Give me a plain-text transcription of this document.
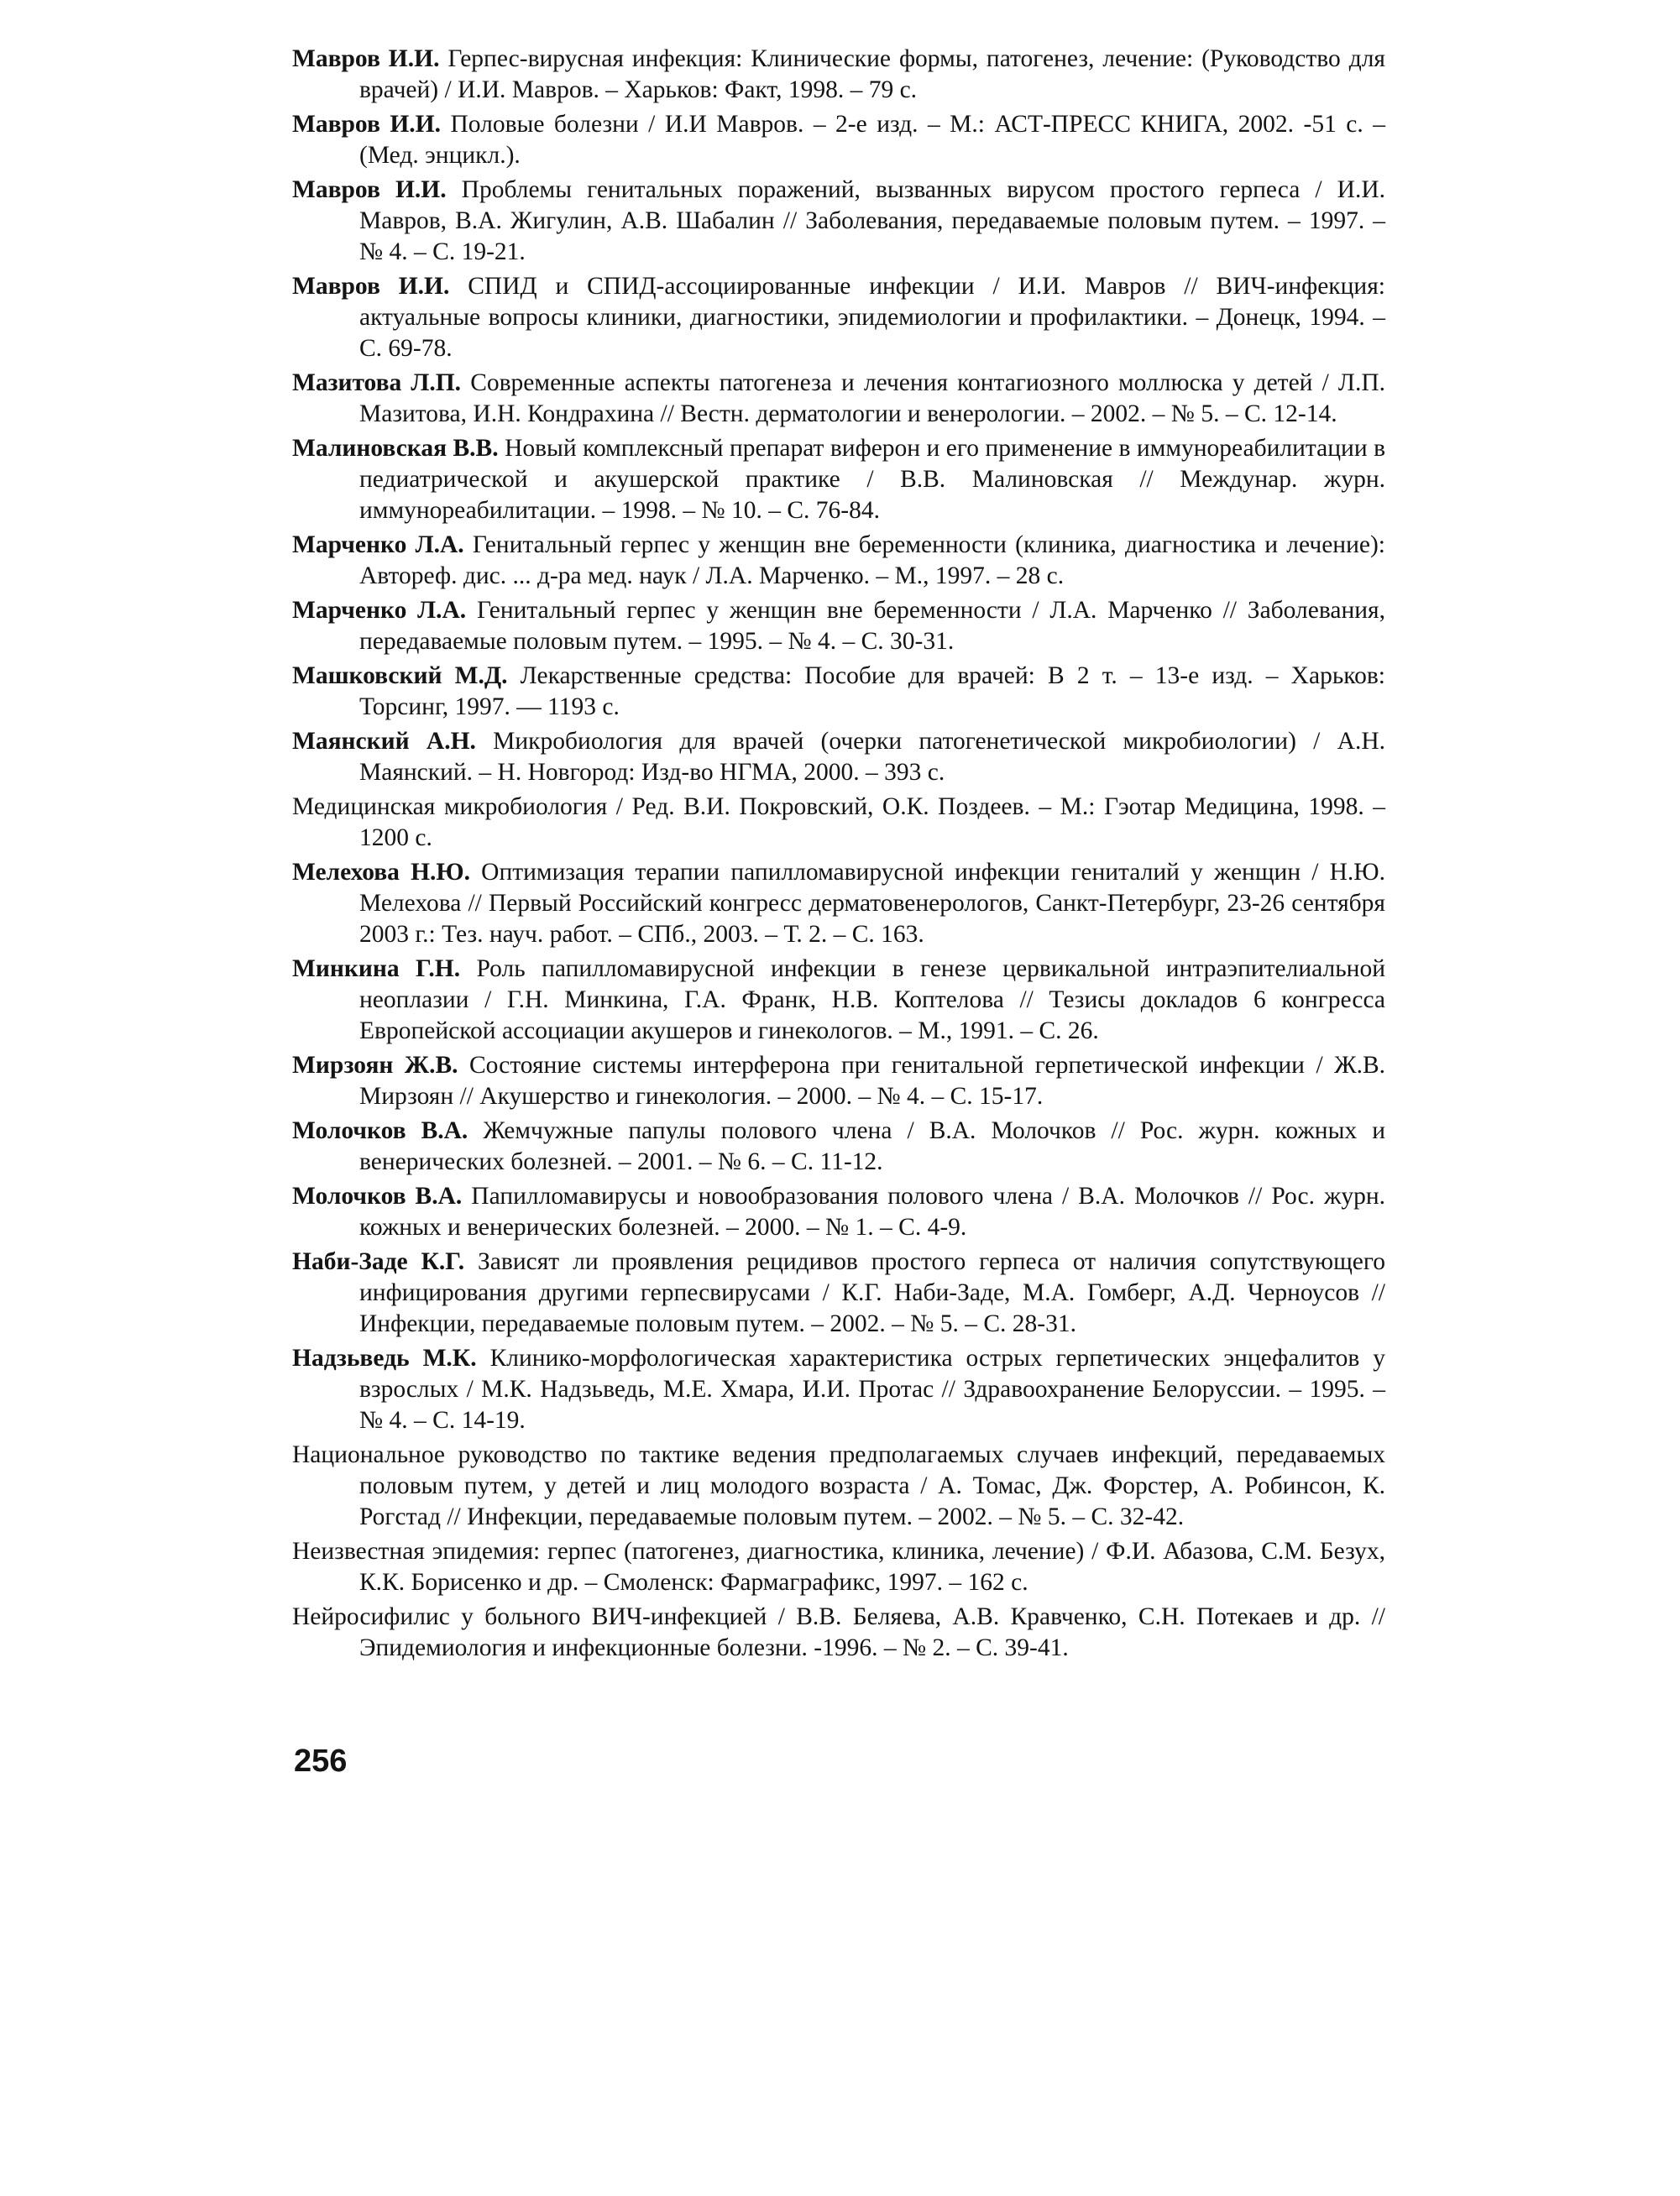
Мавров И.И. Герпес-вирусная инфекция: Клинические формы, патогенез, лечение: (Руководство для врачей) / И.И. Мавров. – Харьков: Факт, 1998. – 79 с.

Мавров И.И. Половые болезни / И.И Мавров. – 2-е изд. – М.: АСТ-ПРЕСС КНИГА, 2002. -51 с. – (Мед. энцикл.).

Мавров И.И. Проблемы генитальных поражений, вызванных вирусом простого герпеса / И.И. Мавров, В.А. Жигулин, А.В. Шабалин // Заболевания, передаваемые половым путем. – 1997. – № 4. – С. 19-21.

Мавров И.И. СПИД и СПИД-ассоциированные инфекции / И.И. Мавров // ВИЧ-инфекция: актуальные вопросы клиники, диагностики, эпидемиологии и профилактики. – Донецк, 1994. – С. 69-78.

Мазитова Л.П. Современные аспекты патогенеза и лечения контагиозного моллюска у детей / Л.П. Мазитова, И.Н. Кондрахина // Вестн. дерматологии и венерологии. – 2002. – № 5. – С. 12-14.

Малиновская В.В. Новый комплексный препарат виферон и его применение в иммунореабилитации в педиатрической и акушерской практике / В.В. Малиновская // Междунар. журн. иммунореабилитации. – 1998. – № 10. – С. 76-84.

Марченко Л.А. Генитальный герпес у женщин вне беременности (клиника, диагностика и лечение): Автореф. дис. ... д-ра мед. наук / Л.А. Марченко. – М., 1997. – 28 с.

Марченко Л.А. Генитальный герпес у женщин вне беременности / Л.А. Марченко // Заболевания, передаваемые половым путем. – 1995. – № 4. – С. 30-31.

Машковский М.Д. Лекарственные средства: Пособие для врачей: В 2 т. – 13-е изд. – Харьков: Торсинг, 1997. — 1193 с.

Маянский А.Н. Микробиология для врачей (очерки патогенетической микробиологии) / А.Н. Маянский. – Н. Новгород: Изд-во НГМА, 2000. – 393 с.

Медицинская микробиология / Ред. В.И. Покровский, О.К. Поздеев. – М.: Гэотар Медицина, 1998. – 1200 с.

Мелехова Н.Ю. Оптимизация терапии папилломавирусной инфекции гениталий у женщин / Н.Ю. Мелехова // Первый Российский конгресс дерматовенерологов, Санкт-Петербург, 23-26 сентября 2003 г.: Тез. науч. работ. – СПб., 2003. – Т. 2. – С. 163.

Минкина Г.Н. Роль папилломавирусной инфекции в генезе цервикальной интраэпителиальной неоплазии / Г.Н. Минкина, Г.А. Франк, Н.В. Коптелова // Тезисы докладов 6 конгресса Европейской ассоциации акушеров и гинекологов. – М., 1991. – С. 26.

Мирзоян Ж.В. Состояние системы интерферона при генитальной герпетической инфекции / Ж.В. Мирзоян // Акушерство и гинекология. – 2000. – № 4. – С. 15-17.

Молочков В.А. Жемчужные папулы полового члена / В.А. Молочков // Рос. журн. кожных и венерических болезней. – 2001. – № 6. – С. 11-12.

Молочков В.А. Папилломавирусы и новообразования полового члена / В.А. Молочков // Рос. журн. кожных и венерических болезней. – 2000. – № 1. – С. 4-9.

Наби-Заде К.Г. Зависят ли проявления рецидивов простого герпеса от наличия сопутствующего инфицирования другими герпесвирусами / К.Г. Наби-Заде, М.А. Гомберг, А.Д. Черноусов // Инфекции, передаваемые половым путем. – 2002. – № 5. – С. 28-31.

Надзьведь М.К. Клинико-морфологическая характеристика острых герпетических энцефалитов у взрослых / М.К. Надзьведь, М.Е. Хмара, И.И. Протас // Здравоохранение Белоруссии. – 1995. – № 4. – С. 14-19.

Национальное руководство по тактике ведения предполагаемых случаев инфекций, передаваемых половым путем, у детей и лиц молодого возраста / А. Томас, Дж. Форстер, А. Робинсон, К. Рогстад // Инфекции, передаваемые половым путем. – 2002. – № 5. – С. 32-42.

Неизвестная эпидемия: герпес (патогенез, диагностика, клиника, лечение) / Ф.И. Абазова, С.М. Безух, К.К. Борисенко и др. – Смоленск: Фармаграфикс, 1997. – 162 с.

Нейросифилис у больного ВИЧ-инфекцией / В.В. Беляева, А.В. Кравченко, С.Н. Потекаев и др. // Эпидемиология и инфекционные болезни. -1996. – № 2. – С. 39-41.

256
